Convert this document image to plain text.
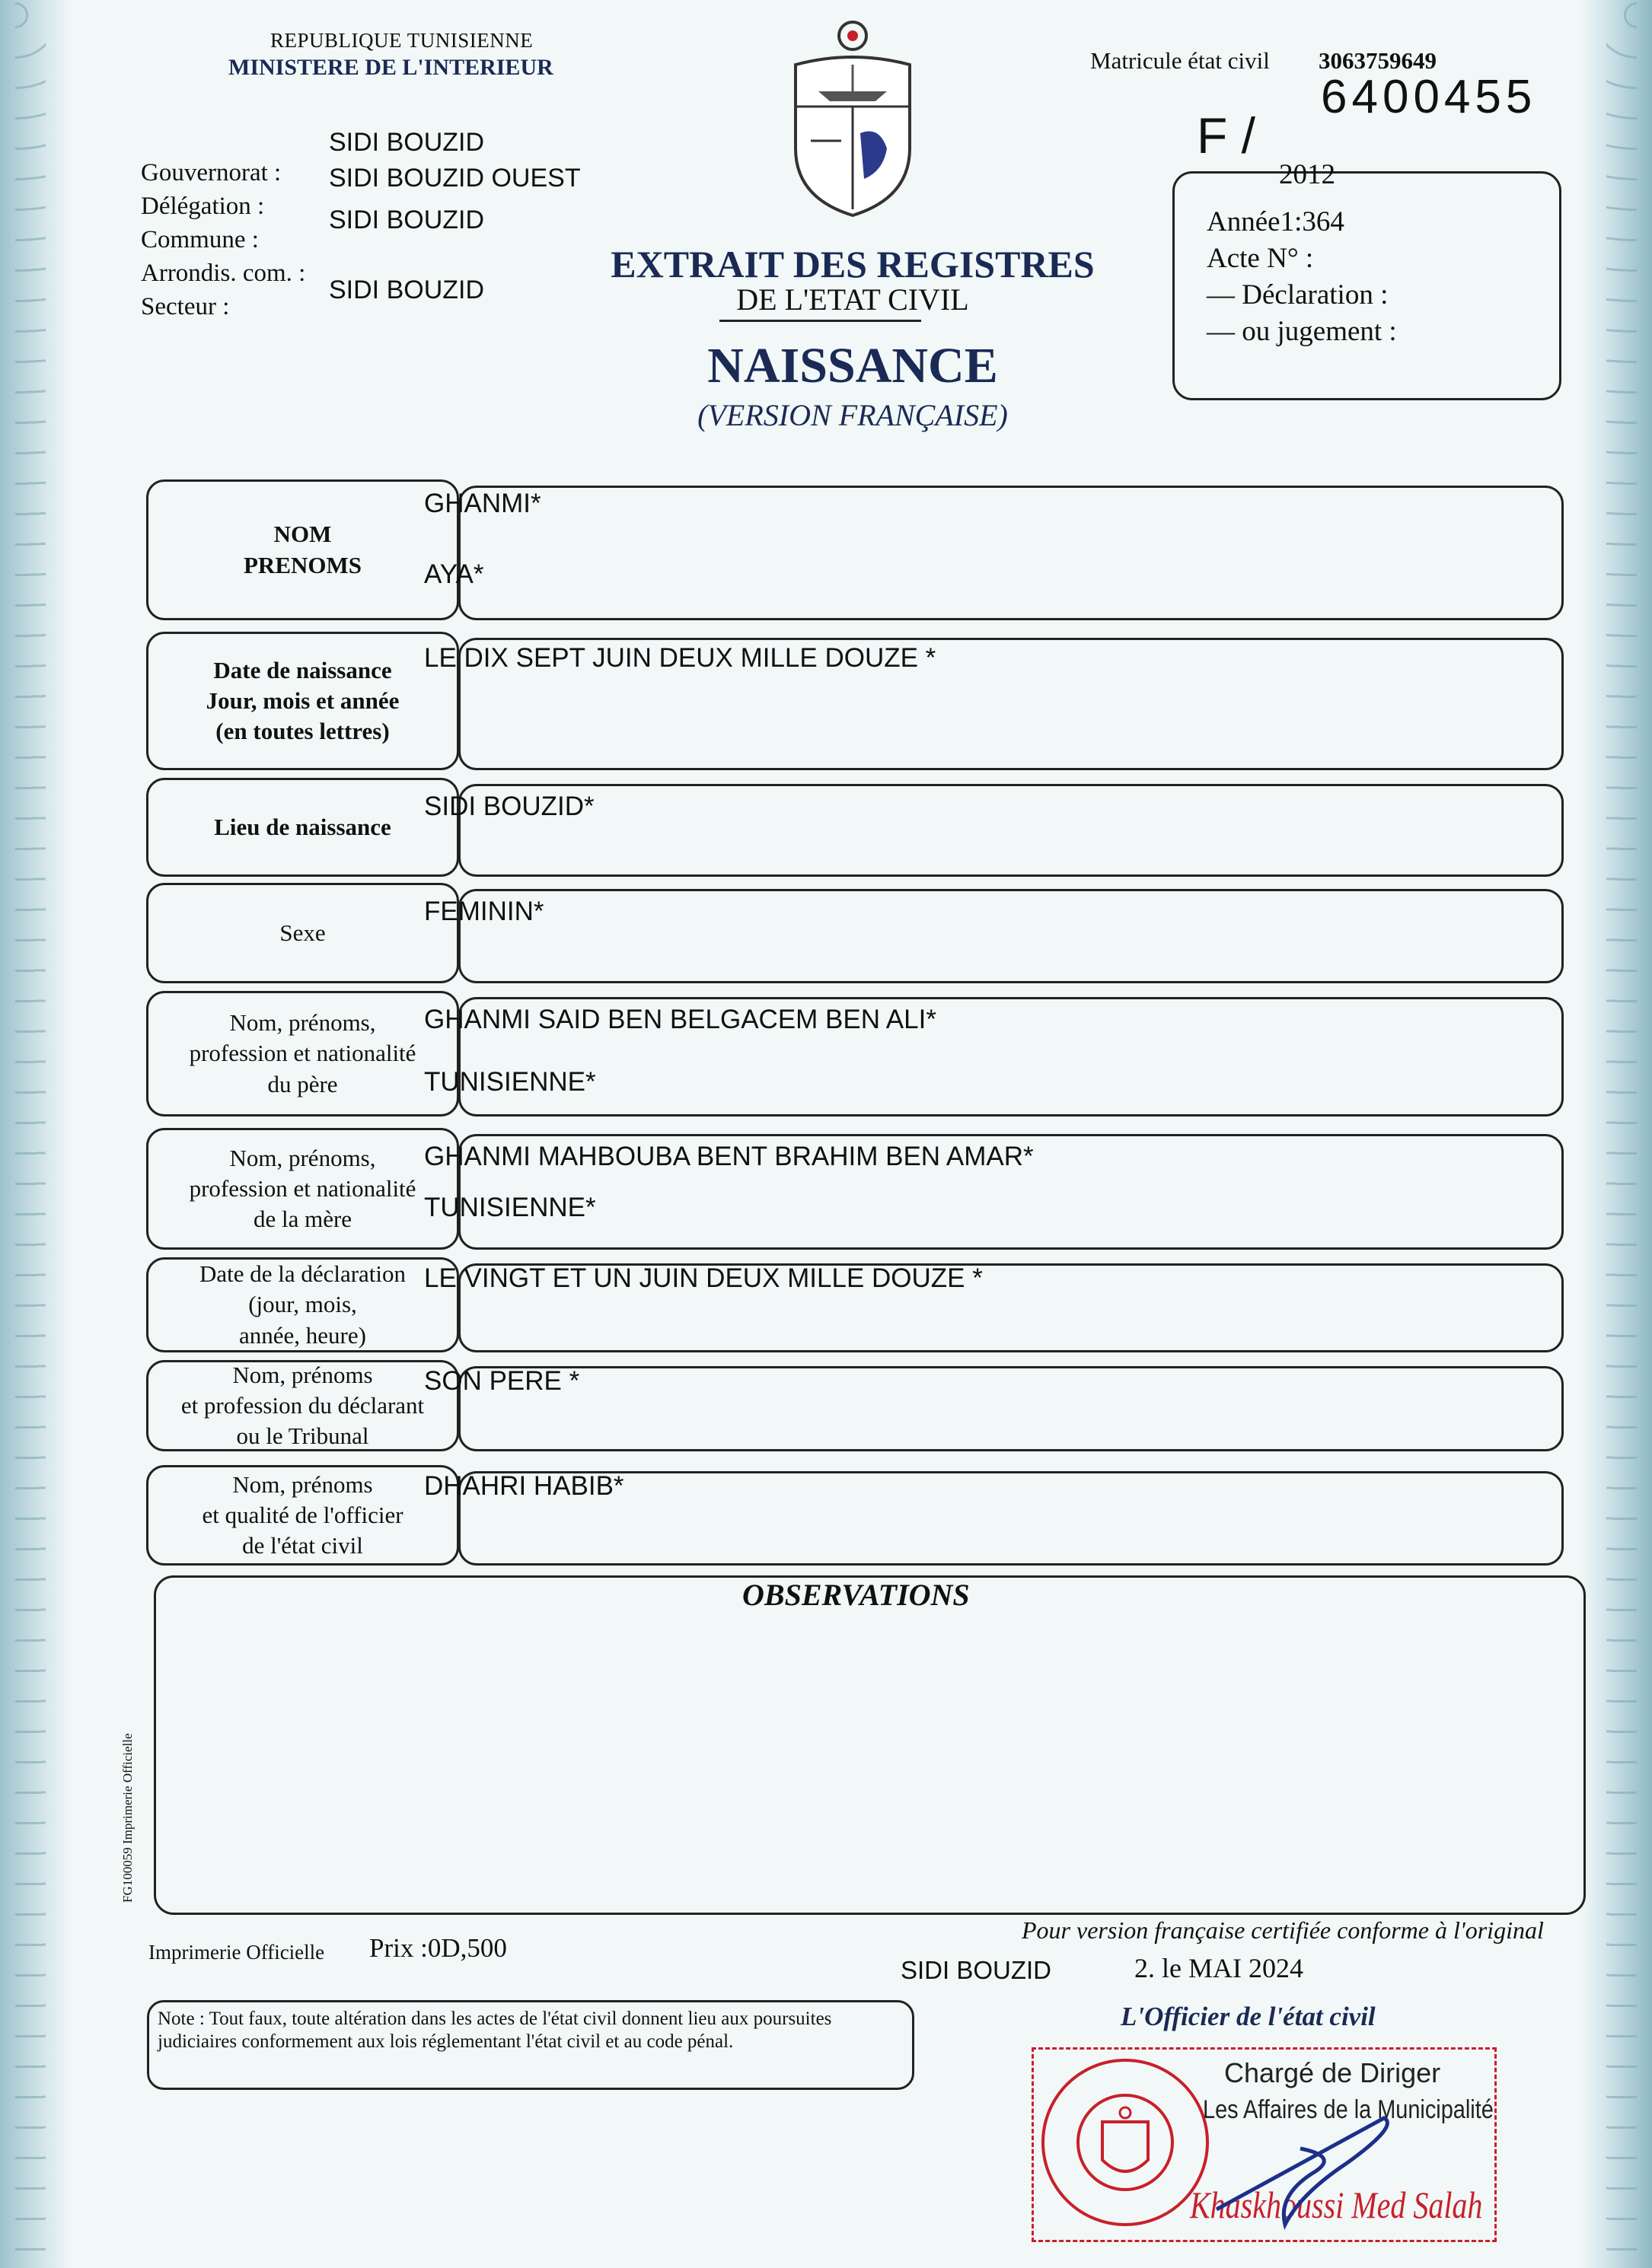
REPUBLIQUE TUNISIENNE
MINISTERE DE L'INTERIEUR
Gouvernorat :
Délégation :
Commune :
Arrondis. com. :
Secteur :
SIDI BOUZID
SIDI BOUZID OUEST
SIDI BOUZID
SIDI BOUZID
EXTRAIT DES REGISTRES
DE L'ETAT CIVIL
NAISSANCE
(VERSION FRANÇAISE)
Matricule état civil 3063759649
6400455
F /
2012
Année1:364
Acte N° :
— Déclaration :
— ou jugement :
NOM
PRENOMS
GHANMI*
AYA*
Date de naissance
Jour, mois et année
(en toutes lettres)
LE DIX SEPT JUIN DEUX MILLE DOUZE *
Lieu de naissance
SIDI BOUZID*
Sexe
FEMININ*
Nom, prénoms,
profession et nationalité
du père
GHANMI SAID BEN BELGACEM BEN ALI*
TUNISIENNE*
Nom, prénoms,
profession et nationalité
de la mère
GHANMI MAHBOUBA BENT BRAHIM BEN AMAR*
TUNISIENNE*
Date de la déclaration
(jour, mois,
année, heure)
LE VINGT ET UN JUIN DEUX MILLE DOUZE *
Nom, prénoms
et profession du déclarant
ou le Tribunal
SON PERE *
Nom, prénoms
et qualité de l'officier
de l'état civil
DHAHRI HABIB*
OBSERVATIONS
FG100059 Imprimerie Officielle
Imprimerie Officielle Prix :0D,500
Pour version française certifiée conforme à l'original
SIDI BOUZID	2. le MAI 2024
L'Officier de l'état civil
Note : Tout faux, toute altération dans les actes de l'état civil donnent lieu aux poursuites judiciaires conformement aux lois réglementant l'état civil et au code pénal.
Chargé de Diriger
Les Affaires de la Municipalité
Khaskhoussi Med Salah
